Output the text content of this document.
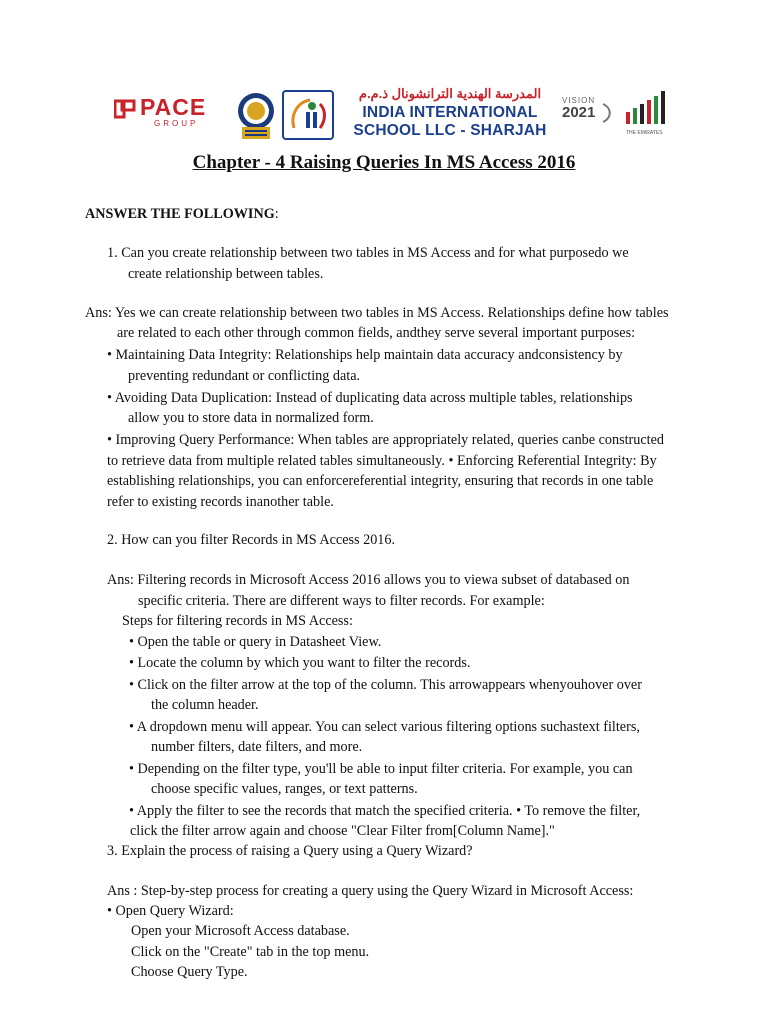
PACE
GROUP
المدرسة الهندية الترانشونال ذ.م.م
INDIA INTERNATIONAL
SCHOOL LLC - SHARJAH
VISION
2021
THE EMIRATES
Chapter - 4 Raising Queries In MS Access 2016
ANSWER THE FOLLOWING:
1. Can you create relationship between two tables in MS Access and for what purposedo we
create relationship between tables.
Ans: Yes we can create relationship between two tables in MS Access. Relationships define how tables
are related to each other through common fields, andthey serve several important purposes:
• Maintaining Data Integrity: Relationships help maintain data accuracy andconsistency by
preventing redundant or conflicting data.
• Avoiding Data Duplication: Instead of duplicating data across multiple tables, relationships
allow you to store data in normalized form.
• Improving Query Performance: When tables are appropriately related, queries canbe constructed
to retrieve data from multiple related tables simultaneously. • Enforcing Referential Integrity: By
establishing relationships, you can enforcereferential integrity, ensuring that records in one table
refer to existing records inanother table.
2. How can you filter Records in MS Access 2016.
Ans: Filtering records in Microsoft Access 2016 allows you to viewa subset of databased on
specific criteria. There are different ways to filter records. For example:
Steps for filtering records in MS Access:
• Open the table or query in Datasheet View.
• Locate the column by which you want to filter the records.
• Click on the filter arrow at the top of the column. This arrowappears whenyouhover over
the column header.
• A dropdown menu will appear. You can select various filtering options suchastext filters,
number filters, date filters, and more.
• Depending on the filter type, you'll be able to input filter criteria. For example, you can
choose specific values, ranges, or text patterns.
• Apply the filter to see the records that match the specified criteria. • To remove the filter,
click the filter arrow again and choose "Clear Filter from[Column Name]."
3. Explain the process of raising a Query using a Query Wizard?
Ans : Step-by-step process for creating a query using the Query Wizard in Microsoft Access:
• Open Query Wizard:
Open your Microsoft Access database.
Click on the "Create" tab in the top menu.
Choose Query Type.
